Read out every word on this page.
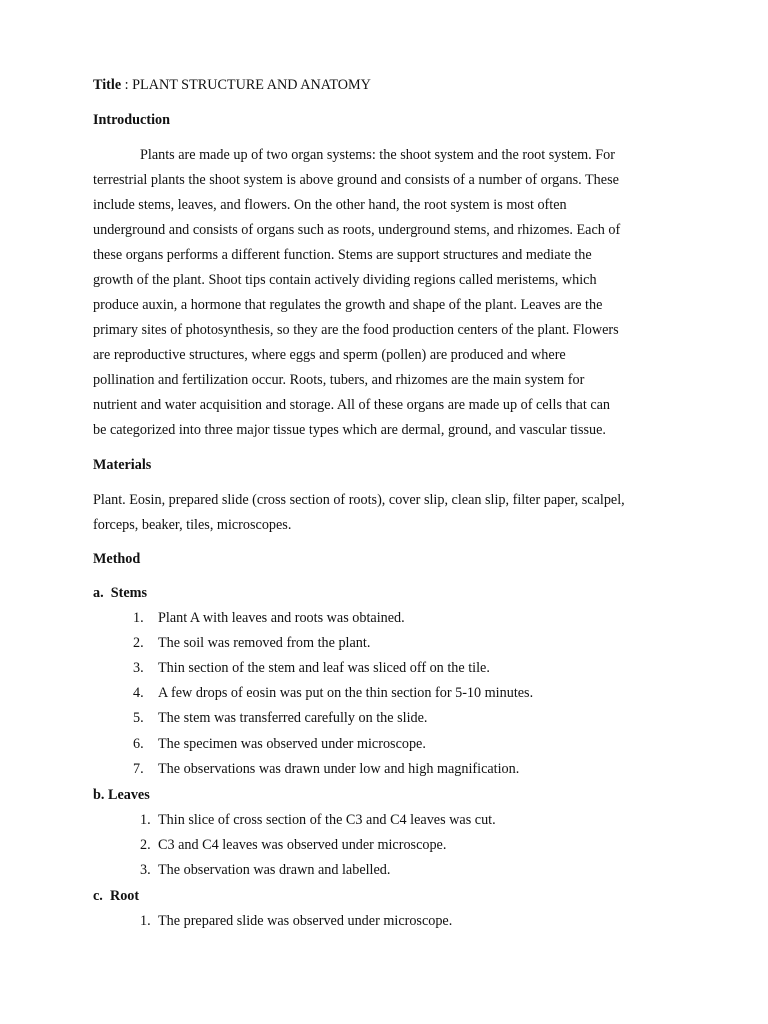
Title : PLANT STRUCTURE AND ANATOMY
Introduction
Plants are made up of two organ systems: the shoot system and the root system. For
terrestrial plants the shoot system is above ground and consists of a number of organs. These
include stems, leaves, and flowers. On the other hand, the root system is most often
underground and consists of organs such as roots, underground stems, and rhizomes. Each of
these organs performs a different function. Stems are support structures and mediate the
growth of the plant. Shoot tips contain actively dividing regions called meristems, which
produce auxin, a hormone that regulates the growth and shape of the plant. Leaves are the
primary sites of photosynthesis, so they are the food production centers of the plant. Flowers
are reproductive structures, where eggs and sperm (pollen) are produced and where
pollination and fertilization occur. Roots, tubers, and rhizomes are the main system for
nutrient and water acquisition and storage. All of these organs are made up of cells that can
be categorized into three major tissue types which are dermal, ground, and vascular tissue.
Materials
Plant. Eosin, prepared slide (cross section of roots), cover slip, clean slip, filter paper, scalpel,
forceps, beaker, tiles, microscopes.
Method
a. Stems
1. Plant A with leaves and roots was obtained.
2. The soil was removed from the plant.
3. Thin section of the stem and leaf was sliced off on the tile.
4. A few drops of eosin was put on the thin section for 5-10 minutes.
5. The stem was transferred carefully on the slide.
6. The specimen was observed under microscope.
7. The observations was drawn under low and high magnification.
b. Leaves
1. Thin slice of cross section of the C3 and C4 leaves was cut.
2. C3 and C4 leaves was observed under microscope.
3. The observation was drawn and labelled.
c. Root
1. The prepared slide was observed under microscope.
